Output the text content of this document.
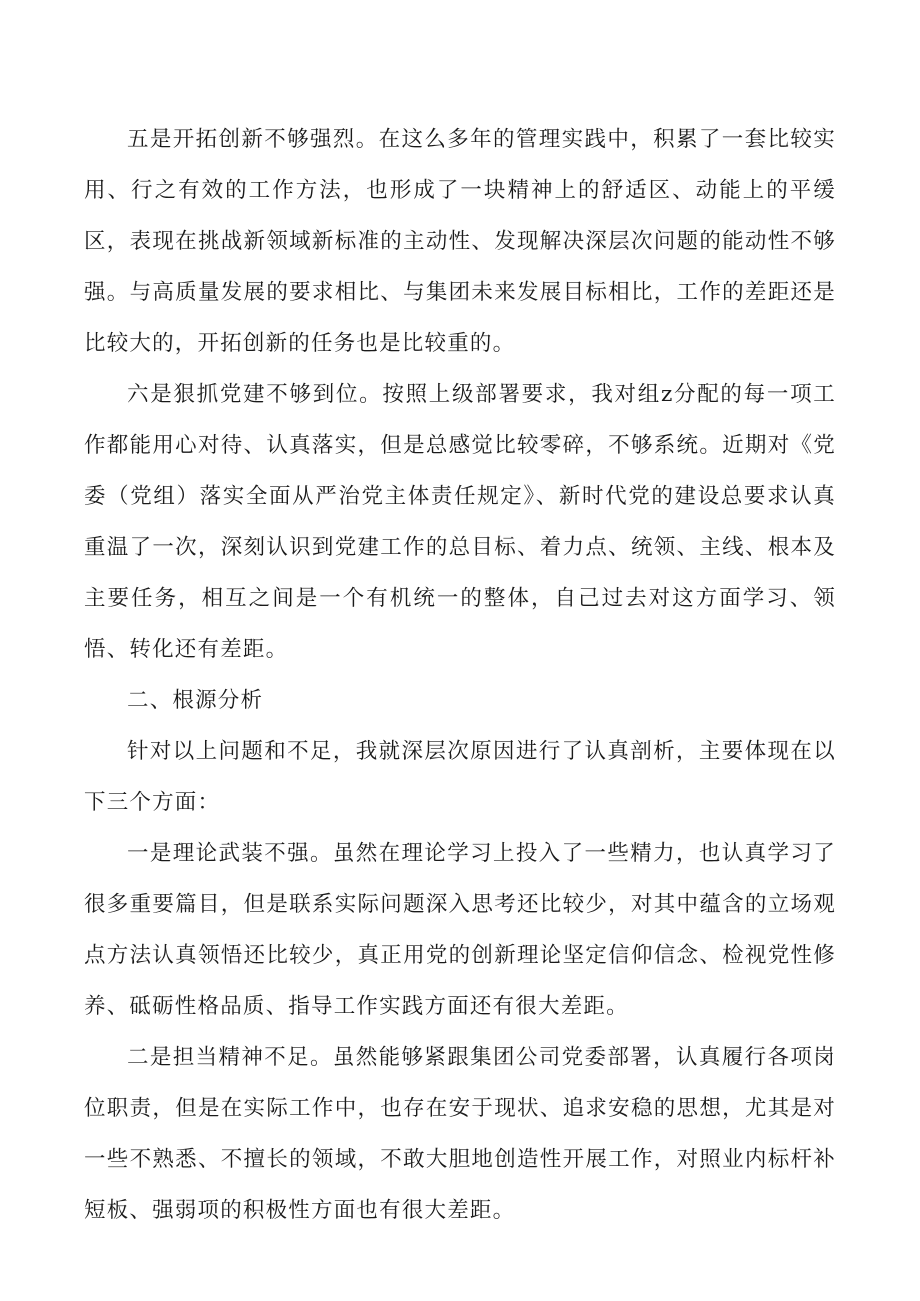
五是开拓创新不够强烈。在这么多年的管理实践中，积累了一套比较实用、行之有效的工作方法，也形成了一块精神上的舒适区、动能上的平缓区，表现在挑战新领域新标准的主动性、发现解决深层次问题的能动性不够强。与高质量发展的要求相比、与集团未来发展目标相比，工作的差距还是比较大的，开拓创新的任务也是比较重的。

六是狠抓党建不够到位。按照上级部署要求，我对组z分配的每一项工作都能用心对待、认真落实，但是总感觉比较零碎，不够系统。近期对《党委（党组）落实全面从严治党主体责任规定》、新时代党的建设总要求认真重温了一次，深刻认识到党建工作的总目标、着力点、统领、主线、根本及主要任务，相互之间是一个有机统一的整体，自己过去对这方面学习、领悟、转化还有差距。

二、根源分析

针对以上问题和不足，我就深层次原因进行了认真剖析，主要体现在以下三个方面：

一是理论武装不强。虽然在理论学习上投入了一些精力，也认真学习了很多重要篇目，但是联系实际问题深入思考还比较少，对其中蕴含的立场观点方法认真领悟还比较少，真正用党的创新理论坚定信仰信念、检视党性修养、砥砺性格品质、指导工作实践方面还有很大差距。

二是担当精神不足。虽然能够紧跟集团公司党委部署，认真履行各项岗位职责，但是在实际工作中，也存在安于现状、追求安稳的思想，尤其是对一些不熟悉、不擅长的领域，不敢大胆地创造性开展工作，对照业内标杆补短板、强弱项的积极性方面也有很大差距。
